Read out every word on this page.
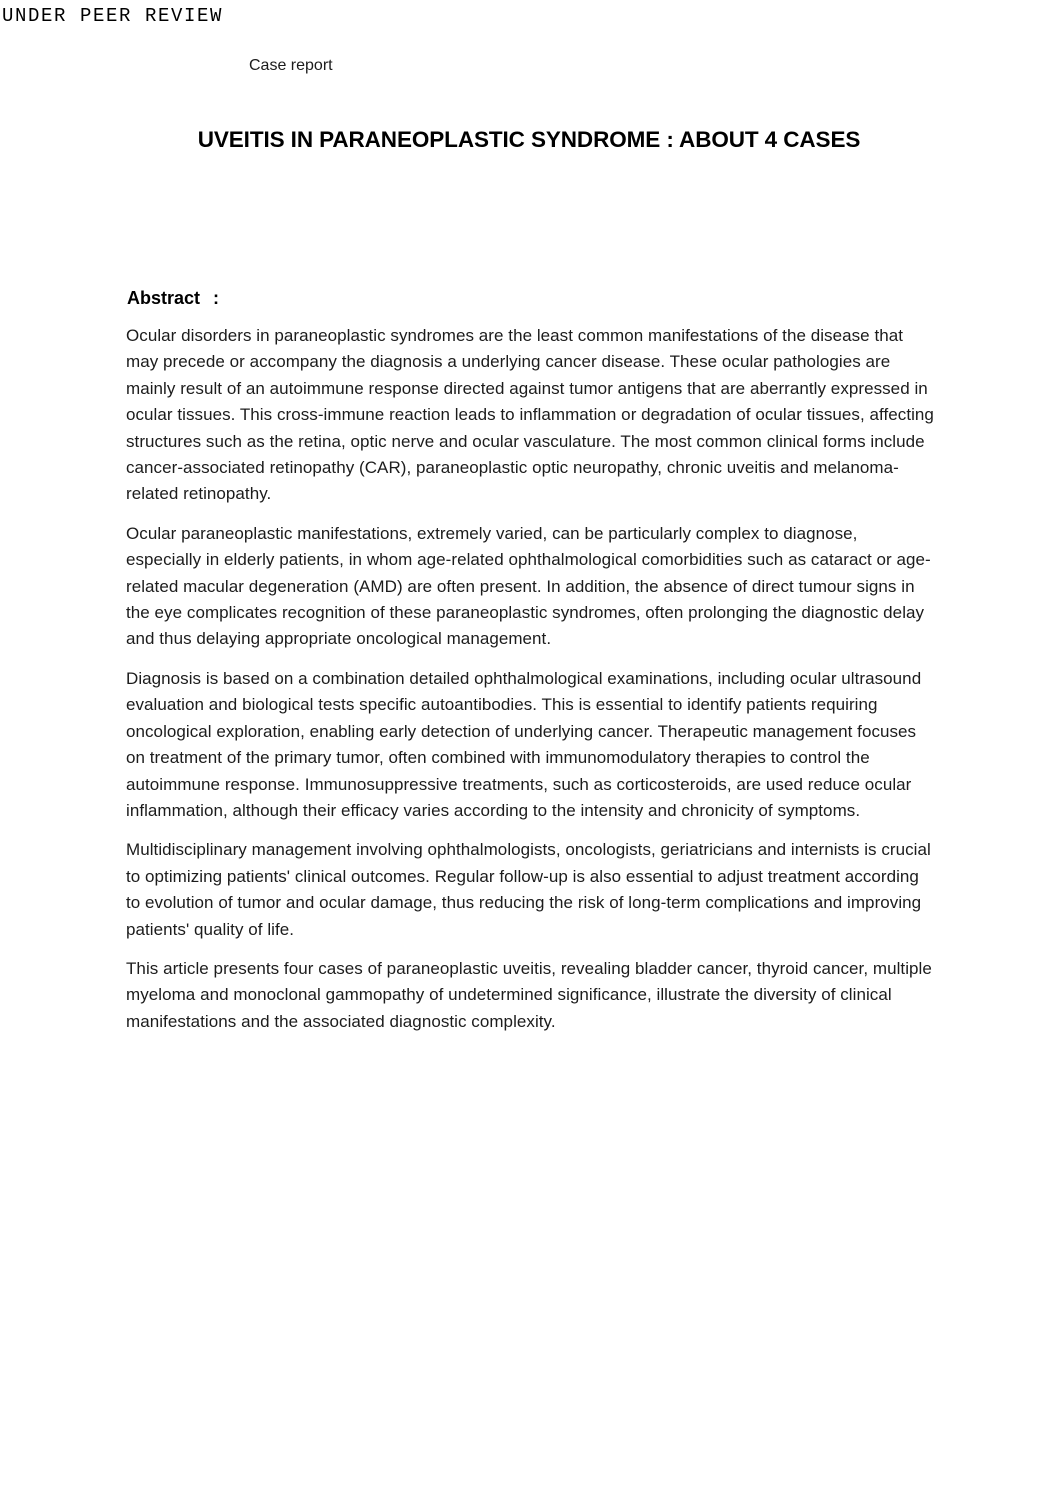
UNDER PEER REVIEW
Case report
UVEITIS IN PARANEOPLASTIC SYNDROME : ABOUT 4 CASES
Abstract :

Ocular disorders in paraneoplastic syndromes are the least common manifestations of the disease that may precede or accompany the diagnosis a underlying cancer disease. These ocular pathologies are mainly result of an autoimmune response directed against tumor antigens that are aberrantly expressed in ocular tissues. This cross-immune reaction leads to inflammation or degradation of ocular tissues, affecting structures such as the retina, optic nerve and ocular vasculature. The most common clinical forms include cancer-associated retinopathy (CAR), paraneoplastic optic neuropathy, chronic uveitis and melanoma-related retinopathy.

Ocular paraneoplastic manifestations, extremely varied, can be particularly complex to diagnose, especially in elderly patients, in whom age-related ophthalmological comorbidities such as cataract or age-related macular degeneration (AMD) are often present. In addition, the absence of direct tumour signs in the eye complicates recognition of these paraneoplastic syndromes, often prolonging the diagnostic delay and thus delaying appropriate oncological management.

Diagnosis is based on a combination detailed ophthalmological examinations, including ocular ultrasound evaluation and biological tests specific autoantibodies. This is essential to identify patients requiring oncological exploration, enabling early detection of underlying cancer. Therapeutic management focuses on treatment of the primary tumor, often combined with immunomodulatory therapies to control the autoimmune response. Immunosuppressive treatments, such as corticosteroids, are used reduce ocular inflammation, although their efficacy varies according to the intensity and chronicity of symptoms.

Multidisciplinary management involving ophthalmologists, oncologists, geriatricians and internists is crucial to optimizing patients' clinical outcomes. Regular follow-up is also essential to adjust treatment according to evolution of tumor and ocular damage, thus reducing the risk of long-term complications and improving patients' quality of life.

This article presents four cases of paraneoplastic uveitis, revealing bladder cancer, thyroid cancer, multiple myeloma and monoclonal gammopathy of undetermined significance, illustrate the diversity of clinical manifestations and the associated diagnostic complexity.
